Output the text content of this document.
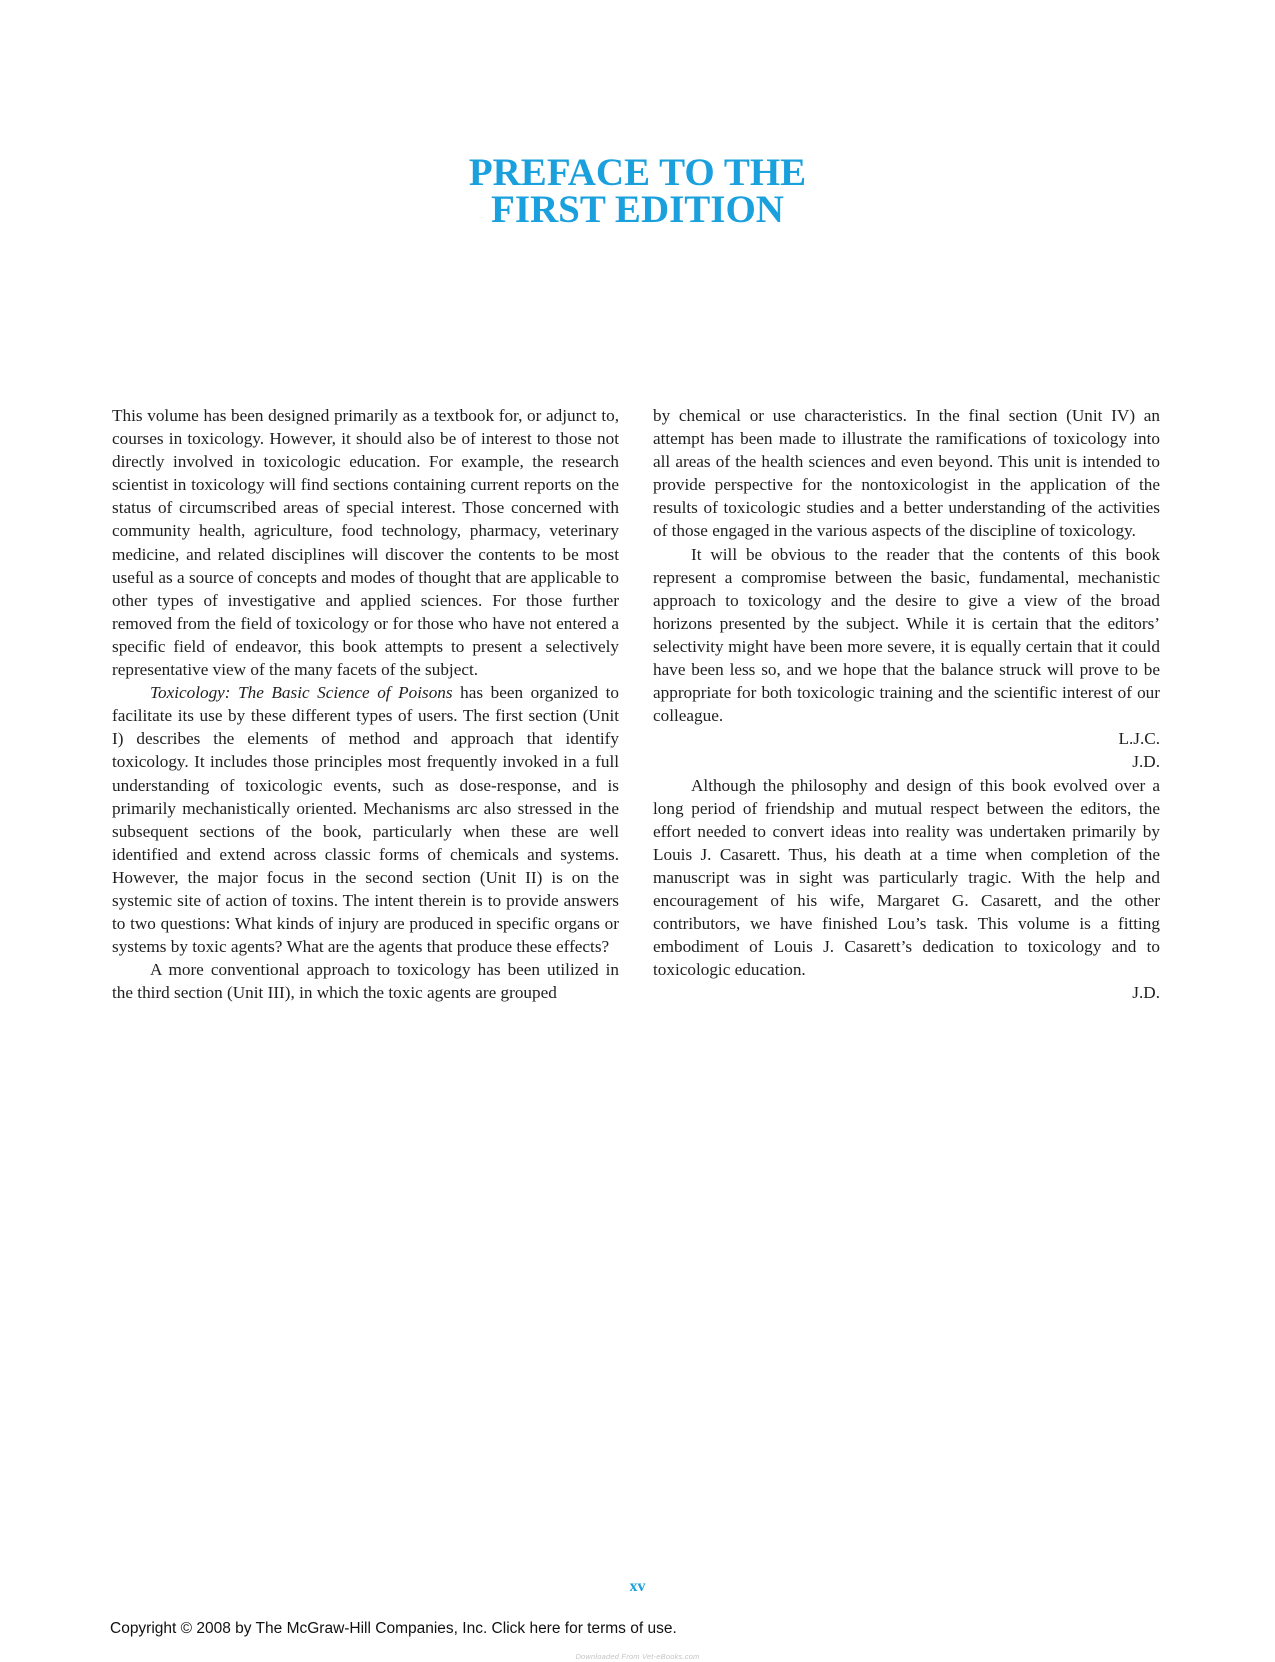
PREFACE TO THE
FIRST EDITION

This volume has been designed primarily as a textbook for, or adjunct to, courses in toxicology. However, it should also be of interest to those not directly involved in toxicologic education. For example, the research scientist in toxicology will find sections containing current reports on the status of circumscribed areas of special interest. Those concerned with community health, agriculture, food technology, pharmacy, veterinary medicine, and related disciplines will discover the contents to be most useful as a source of concepts and modes of thought that are applicable to other types of investigative and applied sciences. For those further removed from the field of toxicology or for those who have not entered a specific field of endeavor, this book attempts to present a selectively representative view of the many facets of the subject.

Toxicology: The Basic Science of Poisons has been organized to facilitate its use by these different types of users. The first section (Unit I) describes the elements of method and approach that identify toxicology. It includes those principles most frequently invoked in a full understanding of toxicologic events, such as dose-response, and is primarily mechanistically oriented. Mechanisms arc also stressed in the subsequent sections of the book, particularly when these are well identified and extend across classic forms of chemicals and systems. However, the major focus in the second section (Unit II) is on the systemic site of action of toxins. The intent therein is to provide answers to two questions: What kinds of injury are produced in specific organs or systems by toxic agents? What are the agents that produce these effects?

A more conventional approach to toxicology has been utilized in the third section (Unit III), in which the toxic agents are grouped

by chemical or use characteristics. In the final section (Unit IV) an attempt has been made to illustrate the ramifications of toxicology into all areas of the health sciences and even beyond. This unit is intended to provide perspective for the nontoxicologist in the application of the results of toxicologic studies and a better understanding of the activities of those engaged in the various aspects of the discipline of toxicology.

It will be obvious to the reader that the contents of this book represent a compromise between the basic, fundamental, mechanistic approach to toxicology and the desire to give a view of the broad horizons presented by the subject. While it is certain that the editors’ selectivity might have been more severe, it is equally certain that it could have been less so, and we hope that the balance struck will prove to be appropriate for both toxicologic training and the scientific interest of our colleague.

L.J.C.

J.D.

Although the philosophy and design of this book evolved over a long period of friendship and mutual respect between the editors, the effort needed to convert ideas into reality was undertaken primarily by Louis J. Casarett. Thus, his death at a time when completion of the manuscript was in sight was particularly tragic. With the help and encouragement of his wife, Margaret G. Casarett, and the other contributors, we have finished Lou’s task. This volume is a fitting embodiment of Louis J. Casarett’s dedication to toxicology and to toxicologic education.

J.D.

xv
Copyright © 2008 by The McGraw-Hill Companies, Inc. Click here for terms of use.
Downloaded From Vet-eBooks.com
